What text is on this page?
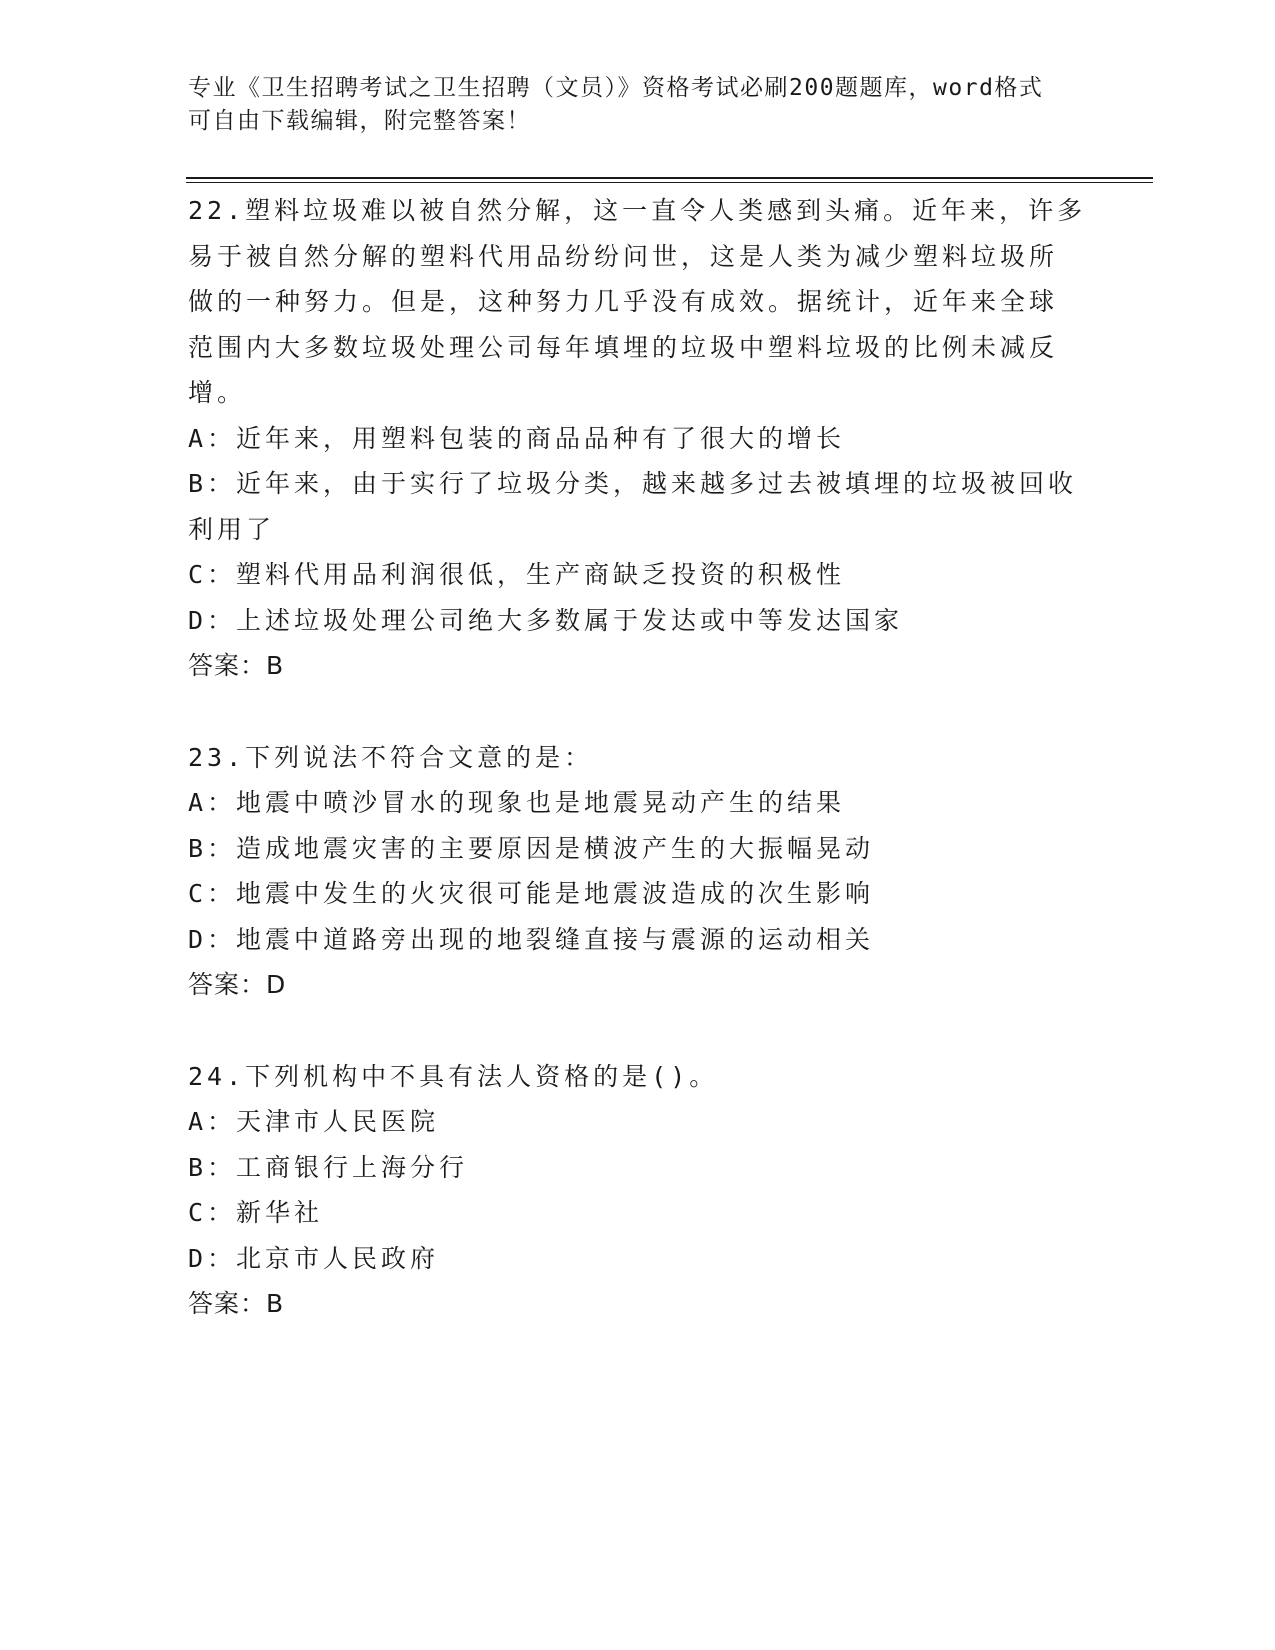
专业《卫生招聘考试之卫生招聘（文员）》资格考试必刷200题题库，word格式

可自由下载编辑，附完整答案！

22.塑料垃圾难以被自然分解，这一直令人类感到头痛。近年来，许多

易于被自然分解的塑料代用品纷纷问世，这是人类为减少塑料垃圾所

做的一种努力。但是，这种努力几乎没有成效。据统计，近年来全球

范围内大多数垃圾处理公司每年填埋的垃圾中塑料垃圾的比例未减反

增。

A：近年来，用塑料包装的商品品种有了很大的增长

B：近年来，由于实行了垃圾分类，越来越多过去被填埋的垃圾被回收

利用了

C：塑料代用品利润很低，生产商缺乏投资的积极性

D：上述垃圾处理公司绝大多数属于发达或中等发达国家

答案：B

23.下列说法不符合文意的是：

A：地震中喷沙冒水的现象也是地震晃动产生的结果

B：造成地震灾害的主要原因是横波产生的大振幅晃动

C：地震中发生的火灾很可能是地震波造成的次生影响

D：地震中道路旁出现的地裂缝直接与震源的运动相关

答案：D

24.下列机构中不具有法人资格的是()。

A：天津市人民医院

B：工商银行上海分行

C：新华社

D：北京市人民政府

答案：B
